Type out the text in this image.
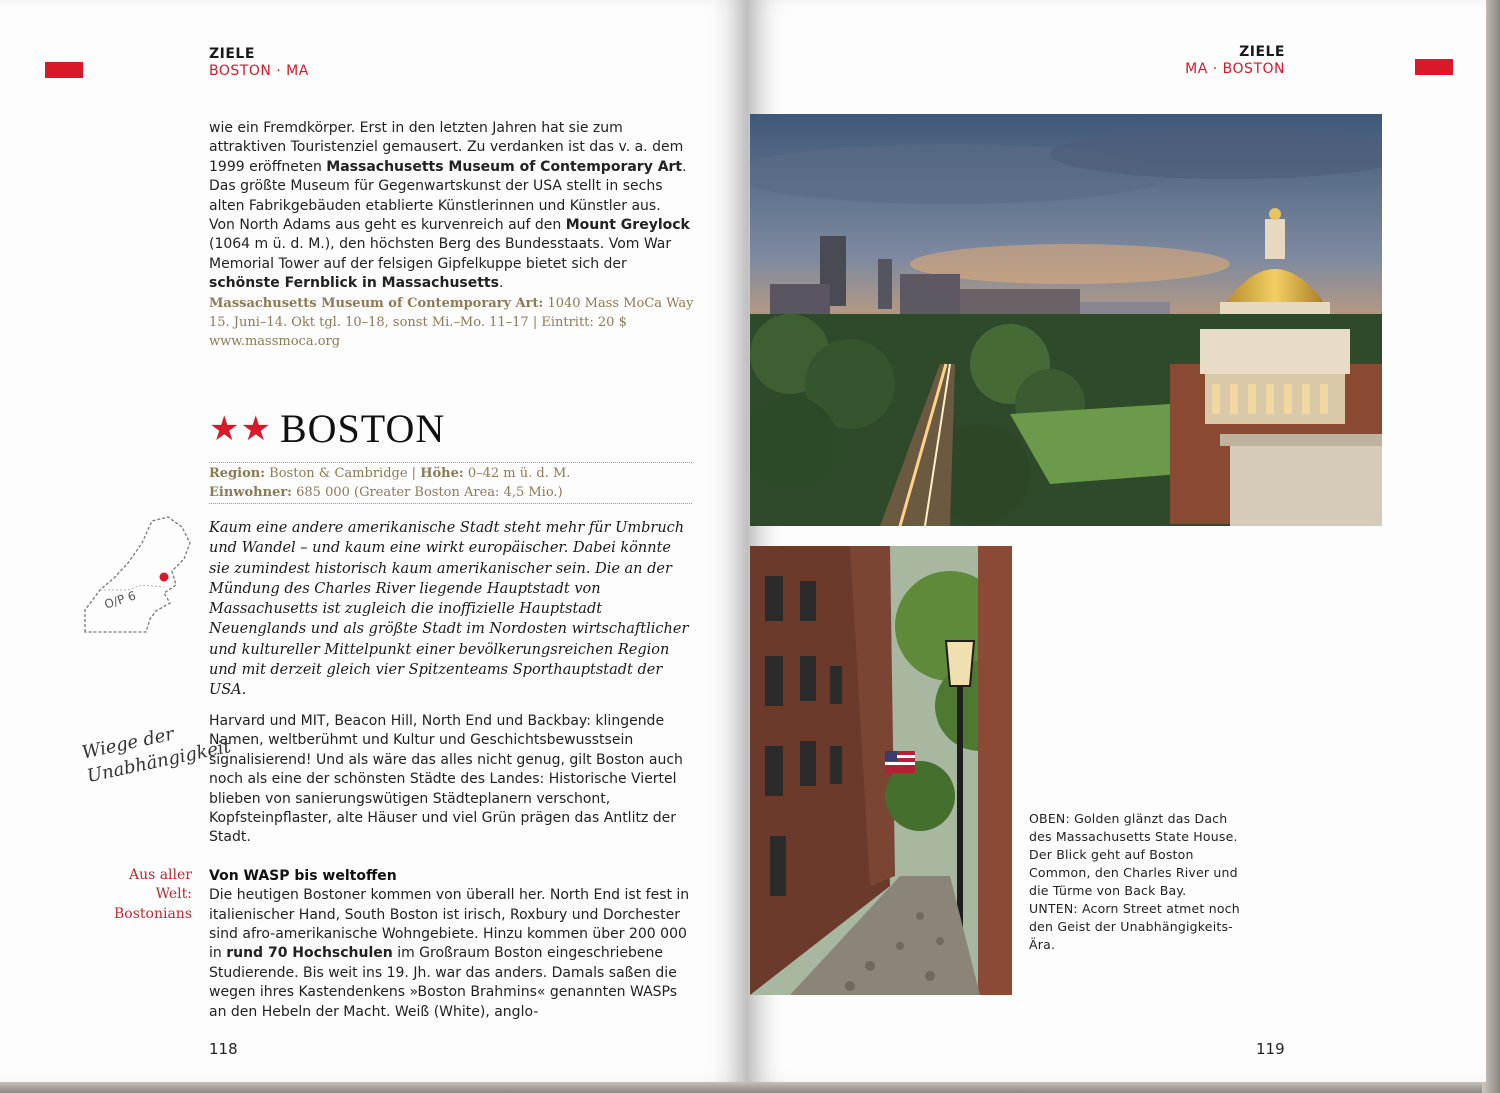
ZIELE
BOSTON · MA

wie ein Fremdkörper. Erst in den letzten Jahren hat sie zum attraktiven Touristenziel gemausert. Zu verdanken ist das v. a. dem 1999 eröffneten Massachusetts Museum of Contemporary Art. Das größte Museum für Gegenwartskunst der USA stellt in sechs alten Fabrikgebäuden etablierte Künstlerinnen und Künstler aus.

Von North Adams aus geht es kurvenreich auf den Mount Greylock (1064 m ü. d. M.), den höchsten Berg des Bundesstaats. Vom War Memorial Tower auf der felsigen Gipfelkuppe bietet sich der schönste Fernblick in Massachusetts.

Massachusetts Museum of Contemporary Art: 1040 Mass MoCa Way 15. Juni–14. Okt tgl. 10–18, sonst Mi.–Mo. 11–17 | Eintritt: 20 $
www.massmoca.org

★★ BOSTON
Region: Boston & Cambridge | Höhe: 0–42 m ü. d. M.
Einwohner: 685 000 (Greater Boston Area: 4,5 Mio.)
O/P 6
Kaum eine andere amerikanische Stadt steht mehr für Umbruch und Wandel – und kaum eine wirkt europäischer. Dabei könnte sie zumindest historisch kaum amerikanischer sein. Die an der Mündung des Charles River liegende Hauptstadt von Massachusetts ist zugleich die inoffizielle Hauptstadt Neuenglands und als größte Stadt im Nordosten wirtschaftlicher und kultureller Mittelpunkt einer bevölkerungsreichen Region und mit derzeit gleich vier Spitzenteams Sporthauptstadt der USA.

Harvard und MIT, Beacon Hill, North End und Backbay: klingende Namen, weltberühmt und Kultur und Geschichtsbewusstsein signalisierend! Und als wäre das alles nicht genug, gilt Boston auch noch als eine der schönsten Städte des Landes: Historische Viertel blieben von sanierungswütigen Städteplanern verschont, Kopfsteinpflaster, alte Häuser und viel Grün prägen das Antlitz der Stadt.

Von WASP bis weltoffen

Die heutigen Bostoner kommen von überall her. North End ist fest in italienischer Hand, South Boston ist irisch, Roxbury und Dorchester sind afro-amerikanische Wohngebiete. Hinzu kommen über 200 000 in rund 70 Hochschulen im Großraum Boston eingeschriebene Studierende. Bis weit ins 19. Jh. war das anders. Damals saßen die wegen ihres Kastendenkens »Boston Brahmins« genannten WASPs an den Hebeln der Macht. Weiß (White), anglo-

Wiege der Unabhängigkeit
Aus aller Welt: Bostonians
118
ZIELE
MA · BOSTON
OBEN: Golden glänzt das Dach des Massachusetts State House. Der Blick geht auf Boston Common, den Charles River und die Türme von Back Bay.
UNTEN: Acorn Street atmet noch den Geist der Unabhängigkeits-Ära.
119
